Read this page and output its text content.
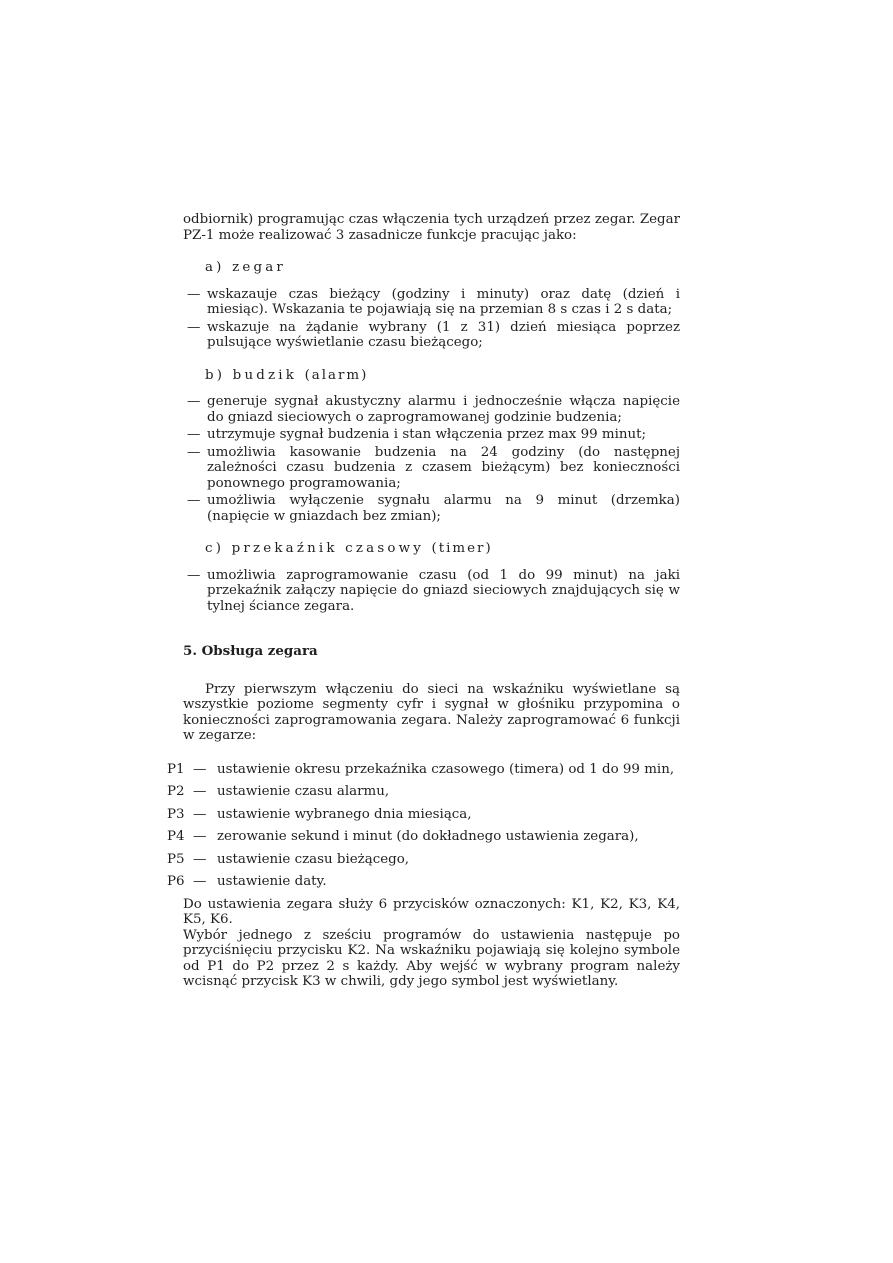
odbiornik) programując czas włączenia tych urządzeń przez zegar. Zegar PZ-1 może realizować 3 zasadnicze funkcje pracując jako:

a) zegar
— wskazauje czas bieżący (godziny i minuty) oraz datę (dzień i miesiąc). Wskazania te pojawiają się na przemian 8 s czas i 2 s data;
— wskazuje na żądanie wybrany (1 z 31) dzień miesiąca poprzez pulsujące wyświetlanie czasu bieżącego;
b) budzik (alarm)
— generuje sygnał akustyczny alarmu i jednocześnie włącza napięcie do gniazd sieciowych o zaprogramowanej godzinie budzenia;
— utrzymuje sygnał budzenia i stan włączenia przez max 99 minut;
— umożliwia kasowanie budzenia na 24 godziny (do następnej zależności czasu budzenia z czasem bieżącym) bez konieczności ponownego programowania;
— umożliwia wyłączenie sygnału alarmu na 9 minut (drzemka) (napięcie w gniazdach bez zmian);
c) przekaźnik czasowy (timer)
— umożliwia zaprogramowanie czasu (od 1 do 99 minut) na jaki przekaźnik załączy napięcie do gniazd sieciowych znajdujących się w tylnej ściance zegara.
5. Obsługa zegara

Przy pierwszym włączeniu do sieci na wskaźniku wyświetlane są wszystkie poziome segmenty cyfr i sygnał w głośniku przypomina o konieczności zaprogramowania zegara. Należy zaprogramować 6 funkcji w zegarze:

P1 — ustawienie okresu przekaźnika czasowego (timera) od 1 do 99 min,
P2 — ustawienie czasu alarmu,
P3 — ustawienie wybranego dnia miesiąca,
P4 — zerowanie sekund i minut (do dokładnego ustawienia zegara),
P5 — ustawienie czasu bieżącego,
P6 — ustawienie daty.

Do ustawienia zegara służy 6 przycisków oznaczonych: K1, K2, K3, K4, K5, K6.

Wybór jednego z sześciu programów do ustawienia następuje po przyciśnięciu przycisku K2. Na wskaźniku pojawiają się kolejno symbole od P1 do P2 przez 2 s każdy. Aby wejść w wybrany program należy wcisnąć przycisk K3 w chwili, gdy jego symbol jest wyświetlany.
